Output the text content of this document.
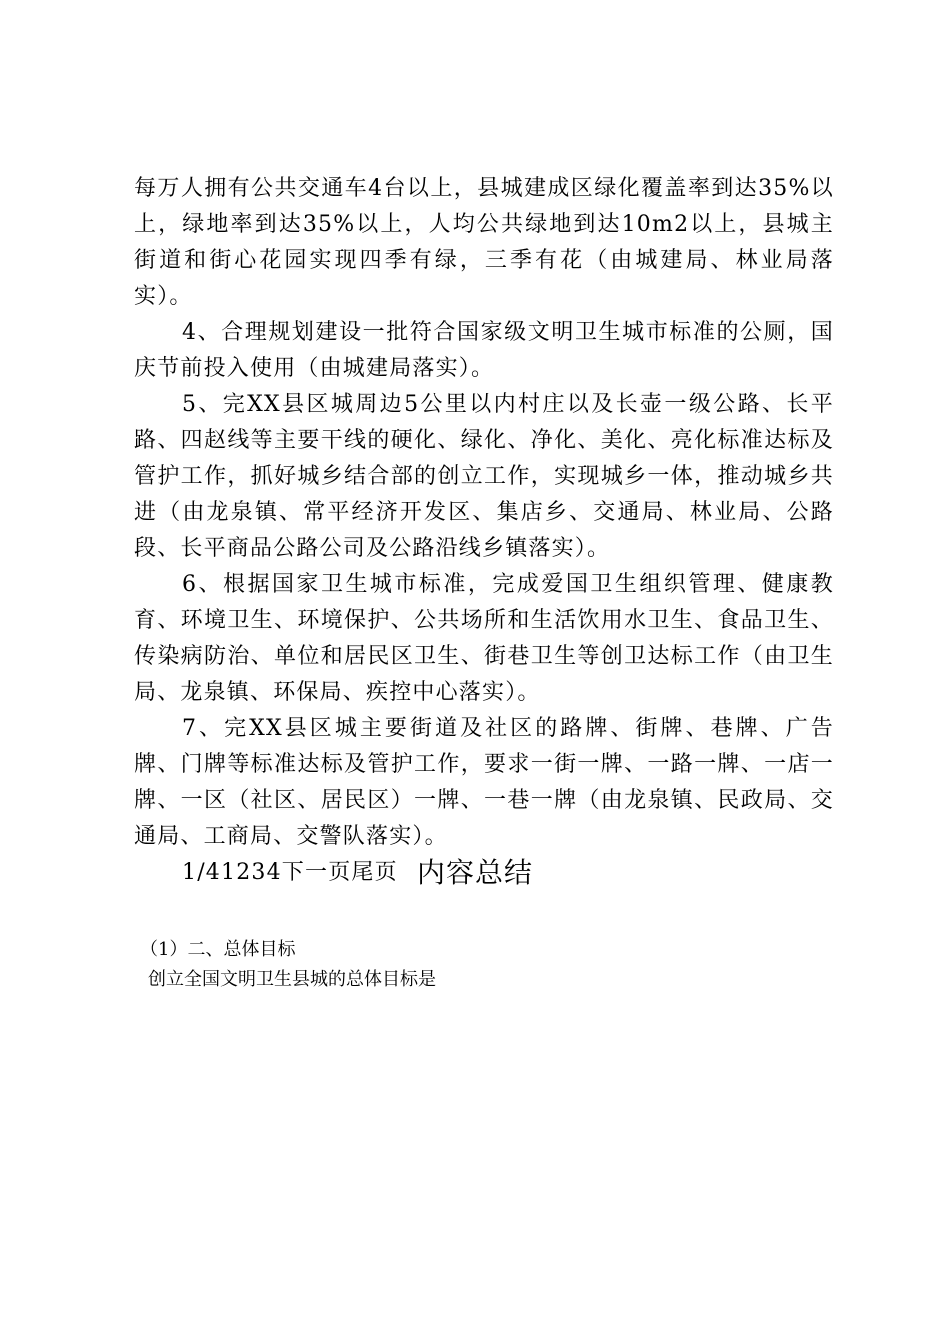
每万人拥有公共交通车4台以上，县城建成区绿化覆盖率到达35%以上，绿地率到达35%以上，人均公共绿地到达10m2以上，县城主街道和街心花园实现四季有绿，三季有花（由城建局、林业局落实）。

4、合理规划建设一批符合国家级文明卫生城市标准的公厕，国庆节前投入使用（由城建局落实）。

5、完XX县区城周边5公里以内村庄以及长壶一级公路、长平路、四赵线等主要干线的硬化、绿化、净化、美化、亮化标准达标及管护工作，抓好城乡结合部的创立工作，实现城乡一体，推动城乡共进（由龙泉镇、常平经济开发区、集店乡、交通局、林业局、公路段、长平商品公路公司及公路沿线乡镇落实）。

6、根据国家卫生城市标准，完成爱国卫生组织管理、健康教育、环境卫生、环境保护、公共场所和生活饮用水卫生、食品卫生、传染病防治、单位和居民区卫生、街巷卫生等创卫达标工作（由卫生局、龙泉镇、环保局、疾控中心落实）。

7、完XX县区城主要街道及社区的路牌、街牌、巷牌、广告牌、门牌等标准达标及管护工作，要求一街一牌、一路一牌、一店一牌、一区（社区、居民区）一牌、一巷一牌（由龙泉镇、民政局、交通局、工商局、交警队落实）。

1/41234下一页尾页 内容总结
（1）二、总体目标
创立全国文明卫生县城的总体目标是
